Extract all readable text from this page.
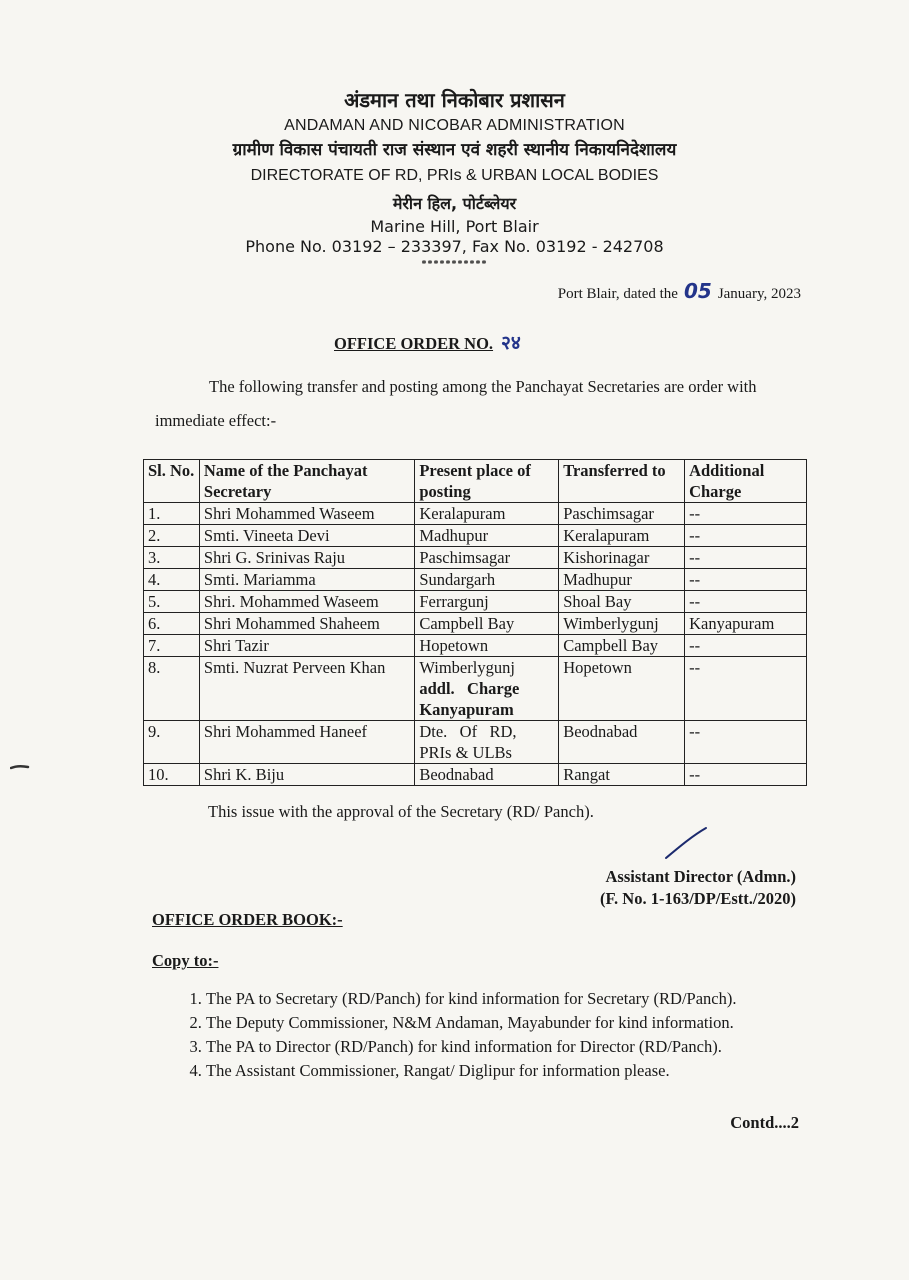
अंडमान तथा निकोबार प्रशासन
ANDAMAN AND NICOBAR ADMINISTRATION
ग्रामीण विकास पंचायती राज संस्थान एवं शहरी स्थानीय निकायनिदेशालय
DIRECTORATE OF RD, PRIs & URBAN LOCAL BODIES
मेरीन हिल, पोर्टब्लेयर
Marine Hill, Port Blair
Phone No. 03192 – 233397, Fax No. 03192 - 242708
***********
Port Blair, dated the 05 January, 2023
OFFICE ORDER NO. २४
The following transfer and posting among the Panchayat Secretaries are order with immediate effect:-
Sl. No.	Name of the Panchayat Secretary	Present place of posting	Transferred to	Additional Charge
1.	Shri Mohammed Waseem	Keralapuram	Paschimsagar	--
2.	Smti. Vineeta Devi	Madhupur	Keralapuram	--
3.	Shri G. Srinivas Raju	Paschimsagar	Kishorinagar	--
4.	Smti. Mariamma	Sundargarh	Madhupur	--
5.	Shri. Mohammed Waseem	Ferrargunj	Shoal Bay	--
6.	Shri Mohammed Shaheem	Campbell Bay	Wimberlygunj	Kanyapuram
7.	Shri Tazir	Hopetown	Campbell Bay	--
8.	Smti. Nuzrat Perveen Khan	Wimberlygunj
addl.   Charge
Kanyapuram	Hopetown	--
9.	Shri Mohammed Haneef	Dte.   Of   RD,
PRIs & ULBs	Beodnabad	--
10.	Shri K. Biju	Beodnabad	Rangat	--
This issue with the approval of the Secretary (RD/ Panch).
Assistant Director (Admn.)
(F. No. 1-163/DP/Estt./2020)
OFFICE ORDER BOOK:-
Copy to:-
1. The PA to Secretary (RD/Panch) for kind information for Secretary (RD/Panch).
2. The Deputy Commissioner, N&M Andaman, Mayabunder for kind information.
3. The PA to Director (RD/Panch) for kind information for Director (RD/Panch).
4. The Assistant Commissioner, Rangat/ Diglipur for information please.
Contd....2
